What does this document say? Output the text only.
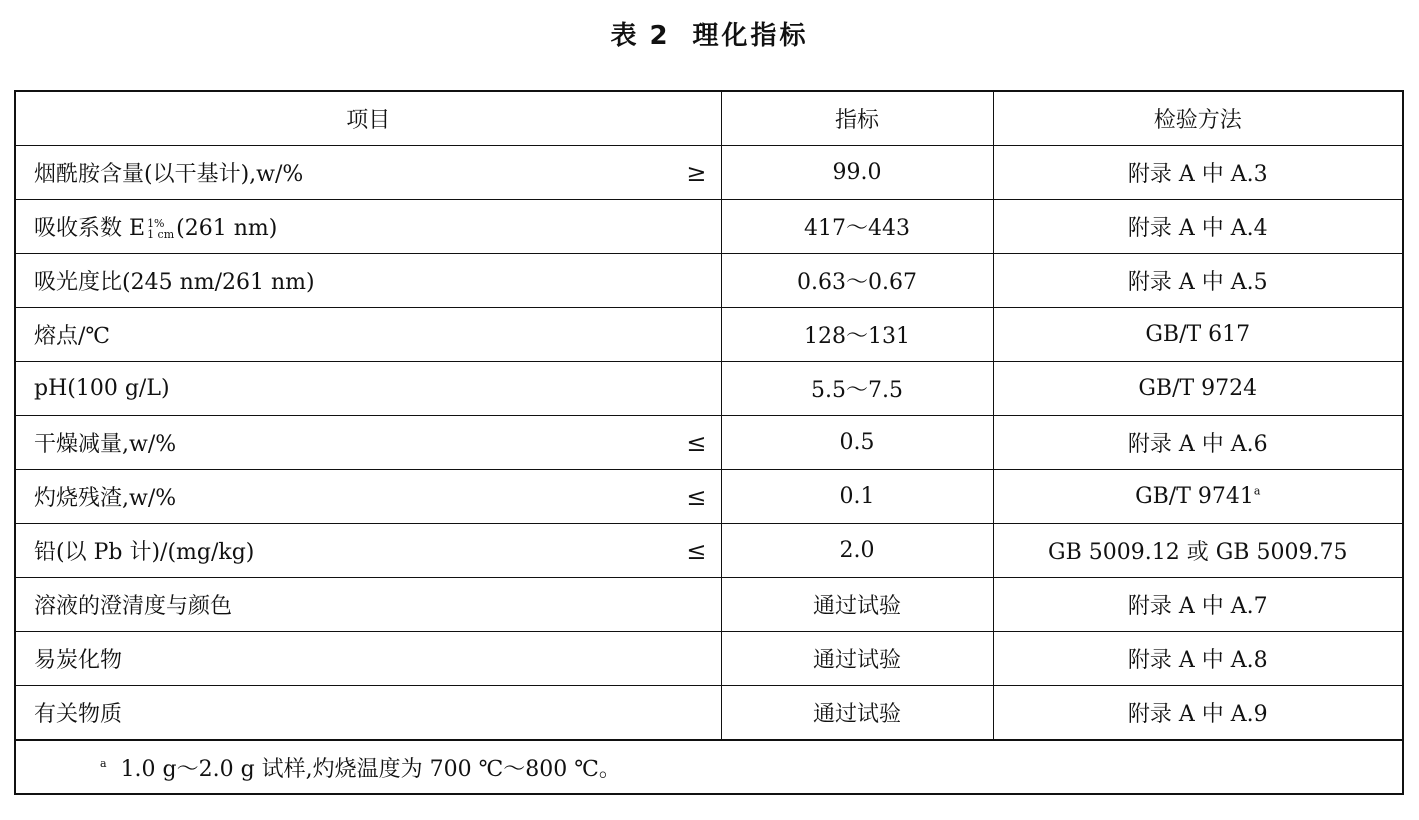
表 2 理化指标
项目	指标	检验方法

烟酰胺含量(以干基计),w/% ≥	99.0	附录 A 中 A.3

吸收系数 E 1%
1 cm (261 nm)	417～443	附录 A 中 A.4

吸光度比(245 nm/261 nm)	0.63～0.67	附录 A 中 A.5

熔点/℃	128～131	GB/T 617

pH(100 g/L)	5.5～7.5	GB/T 9724

干燥减量,w/% ≤	0.5	附录 A 中 A.6

灼烧残渣,w/% ≤	0.1	GB/T 9741$^a$

铅(以 Pb 计)/(mg/kg) ≤	2.0	GB 5009.12 或 GB 5009.75

溶液的澄清度与颜色	通过试验	附录 A 中 A.7

易炭化物	通过试验	附录 A 中 A.8

有关物质	通过试验	附录 A 中 A.9
$^a$ 1.0 g～2.0 g 试样,灼烧温度为 700 ℃～800 ℃。		
